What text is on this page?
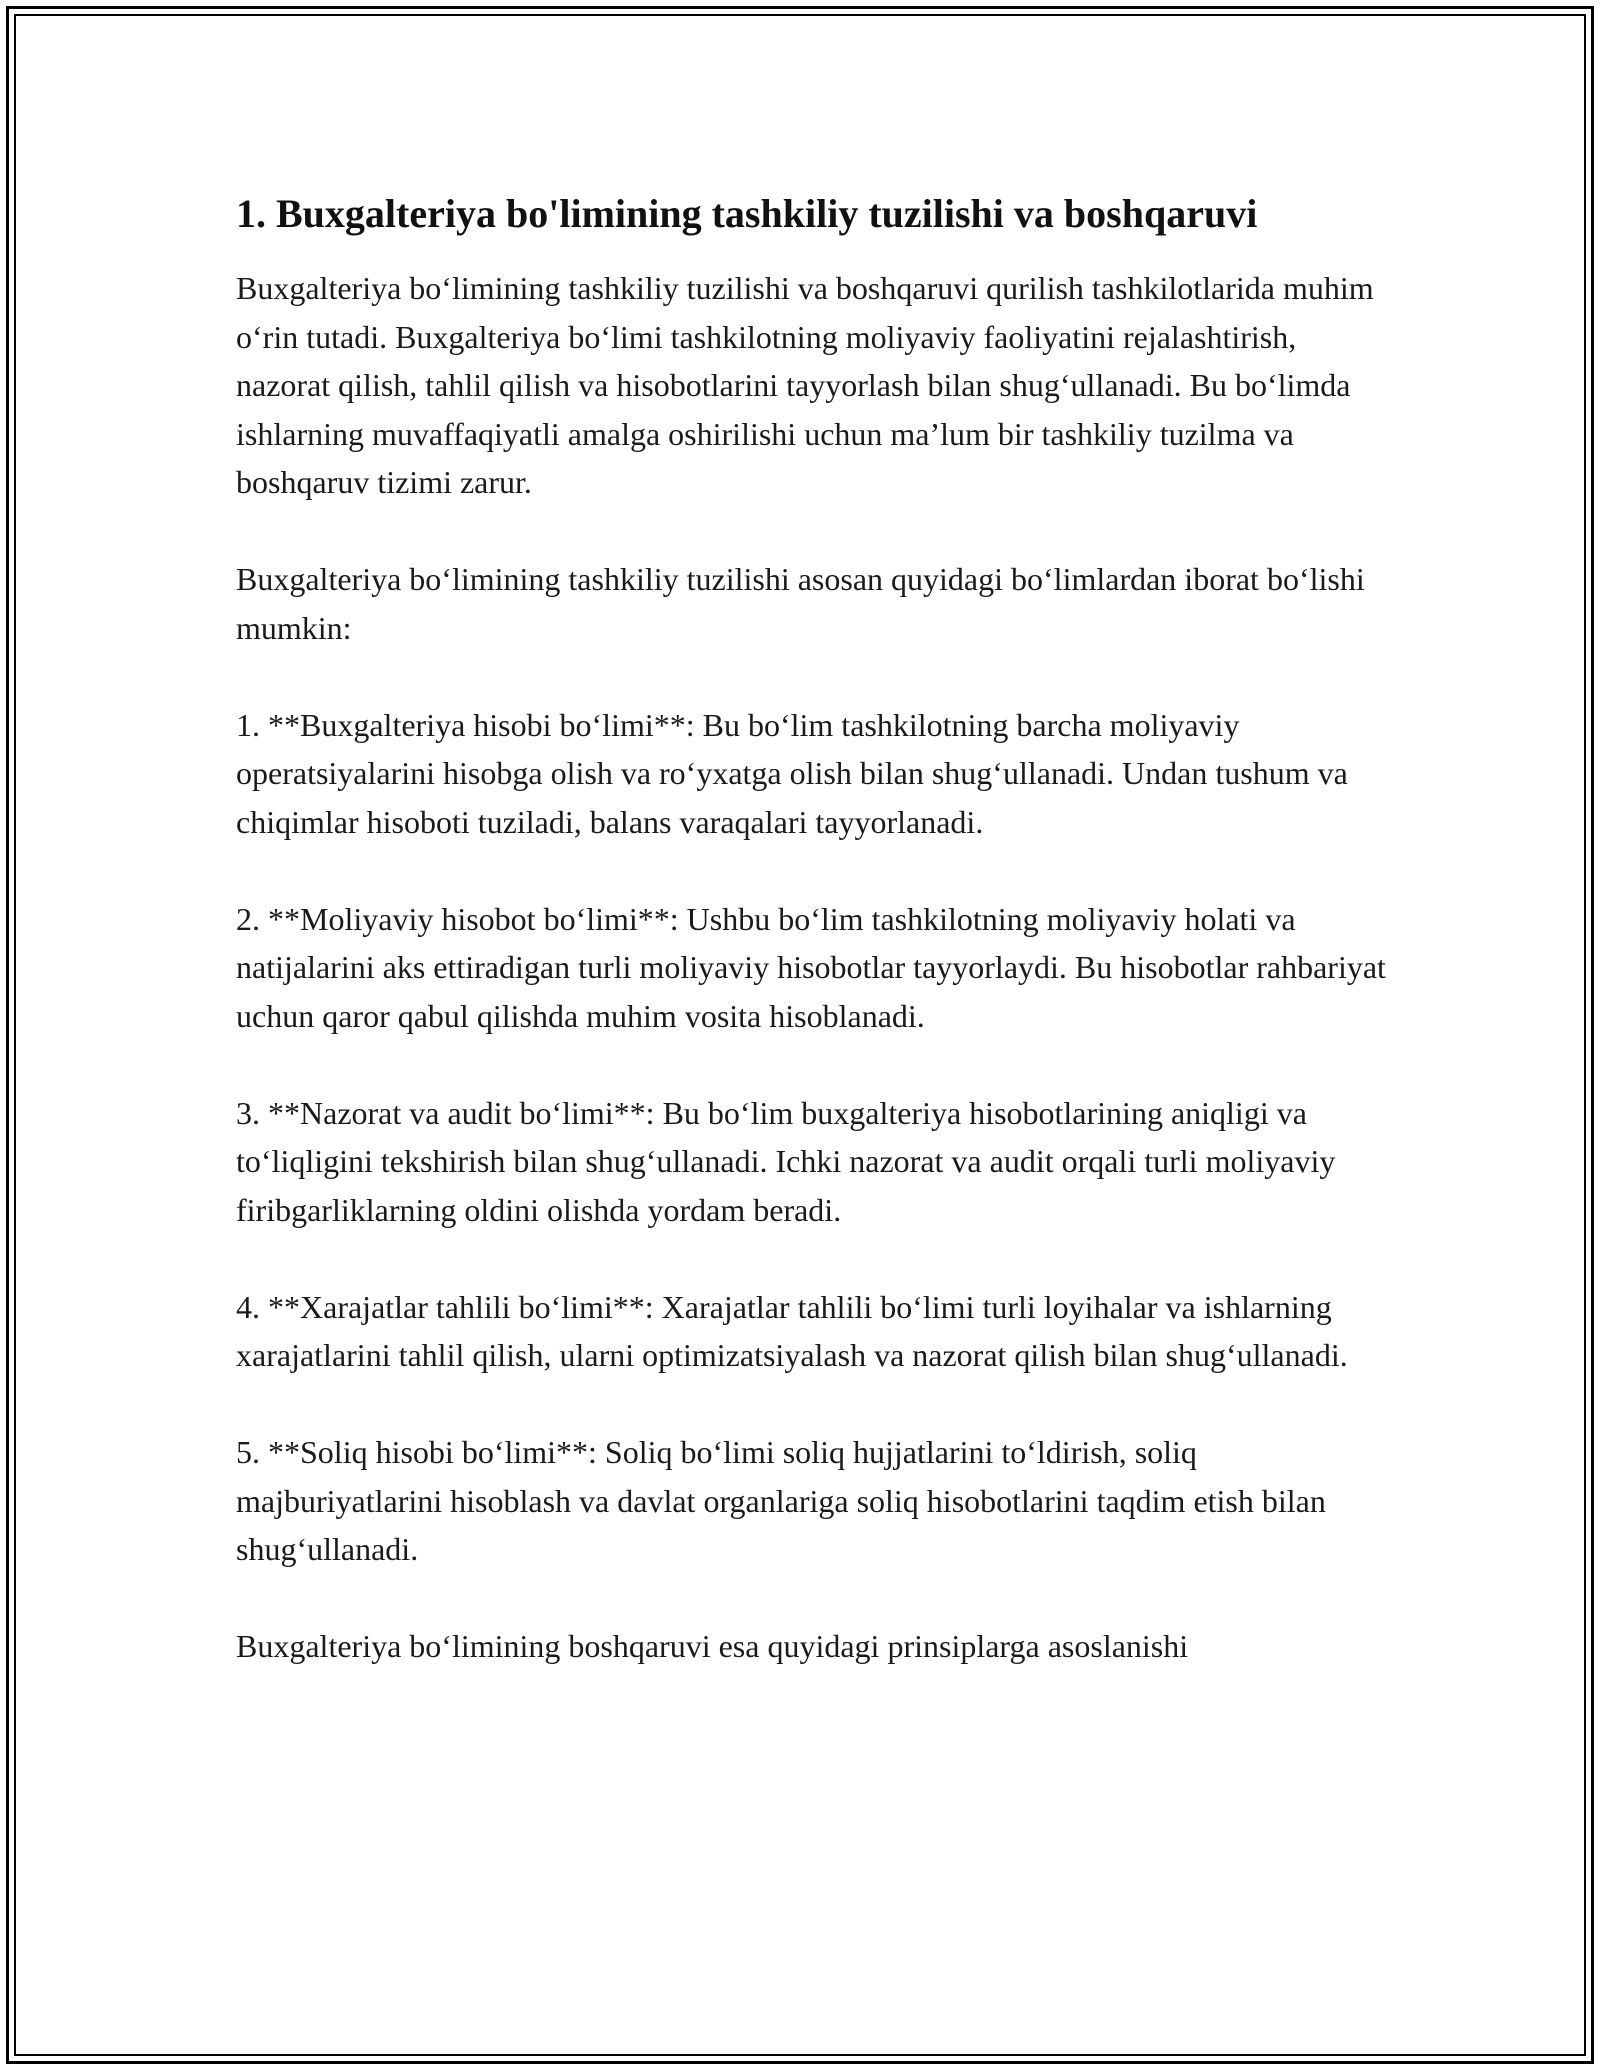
1. Buxgalteriya bo'limining tashkiliy tuzilishi va boshqaruvi

Buxgalteriya bo‘limining tashkiliy tuzilishi va boshqaruvi qurilish tashkilotlarida muhim o‘rin tutadi. Buxgalteriya bo‘limi tashkilotning moliyaviy faoliyatini rejalashtirish, nazorat qilish, tahlil qilish va hisobotlarini tayyorlash bilan shug‘ullanadi. Bu bo‘limda ishlarning muvaffaqiyatli amalga oshirilishi uchun ma’lum bir tashkiliy tuzilma va boshqaruv tizimi zarur.

Buxgalteriya bo‘limining tashkiliy tuzilishi asosan quyidagi bo‘limlardan iborat bo‘lishi mumkin:

1. **Buxgalteriya hisobi bo‘limi**: Bu bo‘lim tashkilotning barcha moliyaviy operatsiyalarini hisobga olish va ro‘yxatga olish bilan shug‘ullanadi. Undan tushum va chiqimlar hisoboti tuziladi, balans varaqalari tayyorlanadi.

2. **Moliyaviy hisobot bo‘limi**: Ushbu bo‘lim tashkilotning moliyaviy holati va natijalarini aks ettiradigan turli moliyaviy hisobotlar tayyorlaydi. Bu hisobotlar rahbariyat uchun qaror qabul qilishda muhim vosita hisoblanadi.

3. **Nazorat va audit bo‘limi**: Bu bo‘lim buxgalteriya hisobotlarining aniqligi va to‘liqligini tekshirish bilan shug‘ullanadi. Ichki nazorat va audit orqali turli moliyaviy firibgarliklarning oldini olishda yordam beradi.

4. **Xarajatlar tahlili bo‘limi**: Xarajatlar tahlili bo‘limi turli loyihalar va ishlarning xarajatlarini tahlil qilish, ularni optimizatsiyalash va nazorat qilish bilan shug‘ullanadi.

5. **Soliq hisobi bo‘limi**: Soliq bo‘limi soliq hujjatlarini to‘ldirish, soliq majburiyatlarini hisoblash va davlat organlariga soliq hisobotlarini taqdim etish bilan shug‘ullanadi.

Buxgalteriya bo‘limining boshqaruvi esa quyidagi prinsiplarga asoslanishi
